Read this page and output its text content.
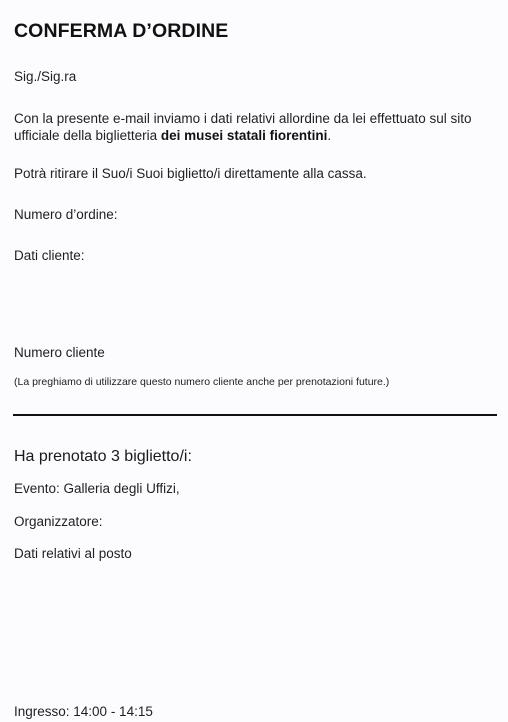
CONFERMA D’ORDINE
Sig./Sig.ra
Con la presente e-mail inviamo i dati relativi allordine da lei effettuato sul sito ufficiale della biglietteria dei musei statali fiorentini.
Potrà ritirare il Suo/i Suoi biglietto/i direttamente alla cassa.
Numero d’ordine:
Dati cliente:
Numero cliente
(La preghiamo di utilizzare questo numero cliente anche per prenotazioni future.)
Ha prenotato 3 biglietto/i:
Evento: Galleria degli Uffizi,
Organizzatore:
Dati relativi al posto
Ingresso: 14:00 - 14:15
